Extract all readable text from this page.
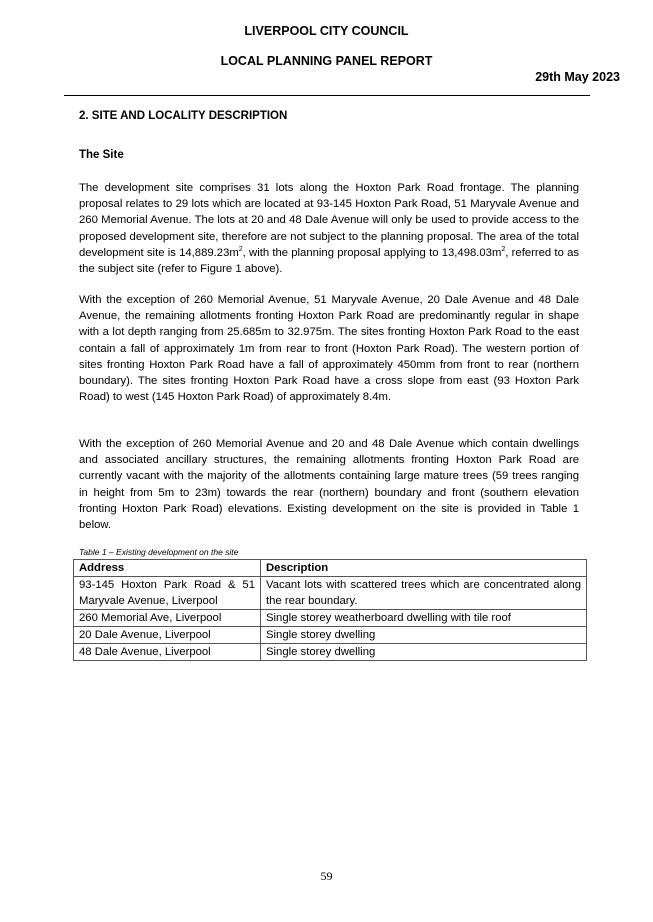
LIVERPOOL CITY COUNCIL
LOCAL PLANNING PANEL REPORT
29th May 2023
2. SITE AND LOCALITY DESCRIPTION
The Site
The development site comprises 31 lots along the Hoxton Park Road frontage. The planning proposal relates to 29 lots which are located at 93-145 Hoxton Park Road, 51 Maryvale Avenue and 260 Memorial Avenue. The lots at 20 and 48 Dale Avenue will only be used to provide access to the proposed development site, therefore are not subject to the planning proposal. The area of the total development site is $14,889.23m^2$, with the planning proposal applying to $13,498.03m^2$, referred to as the subject site (refer to Figure 1 above).
With the exception of 260 Memorial Avenue, 51 Maryvale Avenue, 20 Dale Avenue and 48 Dale Avenue, the remaining allotments fronting Hoxton Park Road are predominantly regular in shape with a lot depth ranging from 25.685m to 32.975m. The sites fronting Hoxton Park Road to the east contain a fall of approximately 1m from rear to front (Hoxton Park Road). The western portion of sites fronting Hoxton Park Road have a fall of approximately 450mm from front to rear (northern boundary). The sites fronting Hoxton Park Road have a cross slope from east (93 Hoxton Park Road) to west (145 Hoxton Park Road) of approximately 8.4m.
With the exception of 260 Memorial Avenue and 20 and 48 Dale Avenue which contain dwellings and associated ancillary structures, the remaining allotments fronting Hoxton Park Road are currently vacant with the majority of the allotments containing large mature trees (59 trees ranging in height from 5m to 23m) towards the rear (northern) boundary and front (southern elevation fronting Hoxton Park Road) elevations. Existing development on the site is provided in Table 1 below.
Table 1 – Existing development on the site
Address	Description
93-145 Hoxton Park Road & 51 Maryvale Avenue, Liverpool	Vacant lots with scattered trees which are concentrated along the rear boundary.
260 Memorial Ave, Liverpool	Single storey weatherboard dwelling with tile roof
20 Dale Avenue, Liverpool	Single storey dwelling
48 Dale Avenue, Liverpool	Single storey dwelling
59
